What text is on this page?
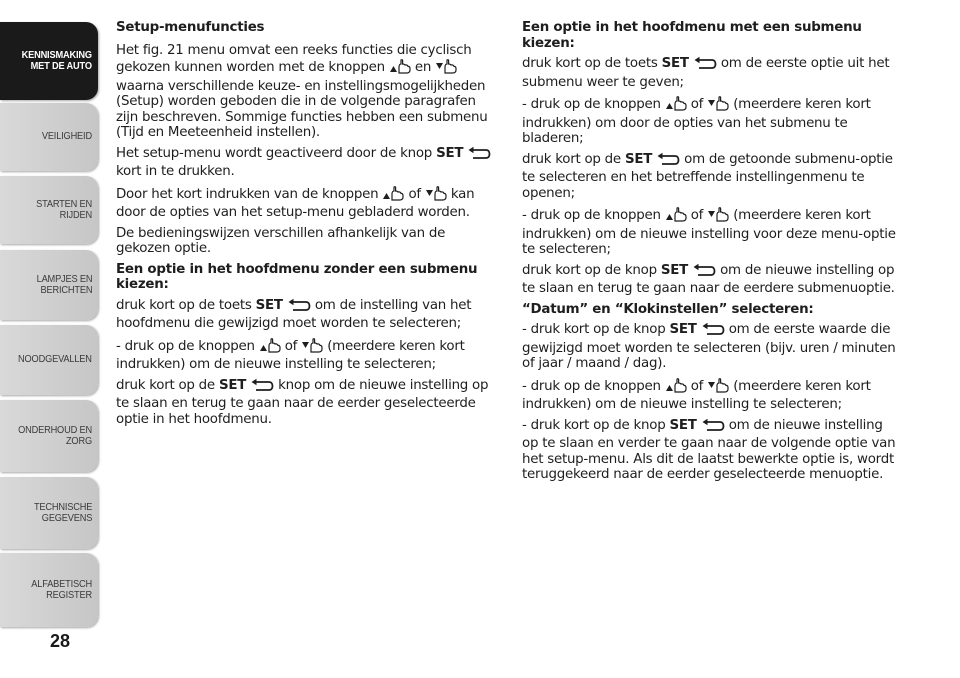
KENNISMAKING
MET DE AUTO
VEILIGHEID
STARTEN EN RIJDEN
LAMPJES EN
BERICHTEN
NOODGEVALLEN
ONDERHOUD EN
ZORG
TECHNISCHE
GEGEVENS
ALFABETISCH
REGISTER
28
Setup-menufuncties

Het fig. 21 menu omvat een reeks functies die cyclisch gekozen kunnen worden met de knoppen en  waarna verschillende keuze- en instellingsmogelijkheden (Setup) worden geboden die in de volgende paragrafen zijn beschreven. Sommige functies hebben een submenu (Tijd en Meeteenheid instellen).

Het setup-menu wordt geactiveerd door de knop SET  kort in te drukken.

Door het kort indrukken van de knoppen of kan door de opties van het setup-menu gebladerd worden.

De bedieningswijzen verschillen afhankelijk van de gekozen optie.

Een optie in het hoofdmenu zonder een submenu kiezen:

druk kort op de toets SET om de instelling van het hoofdmenu die gewijzigd moet worden te selecteren;

- druk op de knoppen of (meerdere keren kort indrukken) om de nieuwe instelling te selecteren;

druk kort op de SET knop om de nieuwe instelling op te slaan en terug te gaan naar de eerder geselecteerde optie in het hoofdmenu.

Een optie in het hoofdmenu met een submenu kiezen:

druk kort op de toets SET om de eerste optie uit het submenu weer te geven;

- druk op de knoppen of (meerdere keren kort indrukken) om door de opties van het submenu te bladeren;

druk kort op de SET om de getoonde submenu-optie te selecteren en het betreffende instellingenmenu te openen;

- druk op de knoppen of (meerdere keren kort indrukken) om de nieuwe instelling voor deze menu-optie te selecteren;

druk kort op de knop SET om de nieuwe instelling op te slaan en terug te gaan naar de eerdere submenuoptie.

“Datum” en “Klokinstellen” selecteren:

- druk kort op de knop SET om de eerste waarde die gewijzigd moet worden te selecteren (bijv. uren / minuten of jaar / maand / dag).

- druk op de knoppen of (meerdere keren kort indrukken) om de nieuwe instelling te selecteren;

- druk kort op de knop SET om de nieuwe instelling op te slaan en verder te gaan naar de volgende optie van het setup-menu. Als dit de laatst bewerkte optie is, wordt teruggekeerd naar de eerder geselecteerde menuoptie.
